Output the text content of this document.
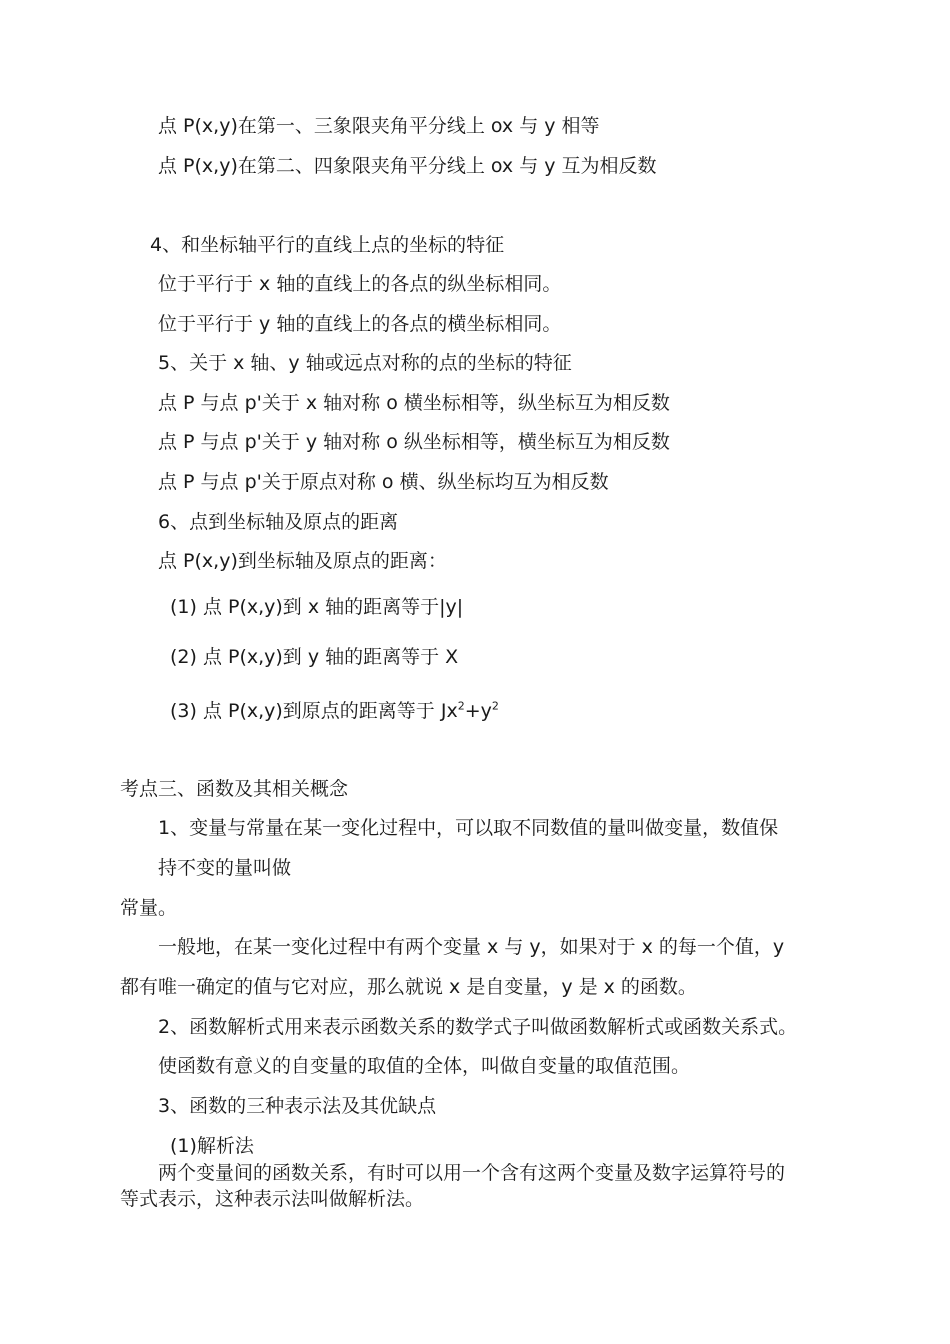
点 P(x,y)在第一、三象限夹角平分线上 ox 与 y 相等
点 P(x,y)在第二、四象限夹角平分线上 ox 与 y 互为相反数
4、和坐标轴平行的直线上点的坐标的特征
位于平行于 x 轴的直线上的各点的纵坐标相同。
位于平行于 y 轴的直线上的各点的横坐标相同。
5、关于 x 轴、y 轴或远点对称的点的坐标的特征
点 P 与点 p'关于 x 轴对称 o 横坐标相等，纵坐标互为相反数
点 P 与点 p'关于 y 轴对称 o 纵坐标相等，横坐标互为相反数
点 P 与点 p'关于原点对称 o 横、纵坐标均互为相反数
6、点到坐标轴及原点的距离
点 P(x,y)到坐标轴及原点的距离：
(1) 点 P(x,y)到 x 轴的距离等于|y|
(2) 点 P(x,y)到 y 轴的距离等于 X
(3) 点 P(x,y)到原点的距离等于 $Jx^2+y^2$
考点三、函数及其相关概念
1、变量与常量在某一变化过程中，可以取不同数值的量叫做变量，数值保
持不变的量叫做
常量。
一般地，在某一变化过程中有两个变量 x 与 y，如果对于 x 的每一个值，y
都有唯一确定的值与它对应，那么就说 x 是自变量，y 是 x 的函数。
2、函数解析式用来表示函数关系的数学式子叫做函数解析式或函数关系式。
使函数有意义的自变量的取值的全体，叫做自变量的取值范围。
3、函数的三种表示法及其优缺点
(1)解析法
两个变量间的函数关系，有时可以用一个含有这两个变量及数字运算符号的
等式表示，这种表示法叫做解析法。
